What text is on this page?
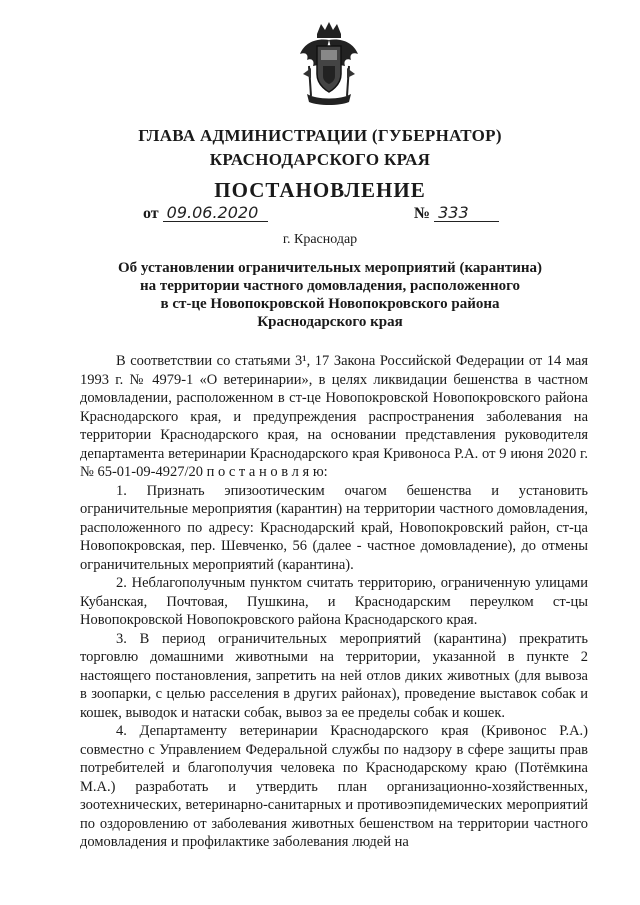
ГЛАВА АДМИНИСТРАЦИИ (ГУБЕРНАТОР)
КРАСНОДАРСКОГО КРАЯ
ПОСТАНОВЛЕНИЕ
от 09.06.2020	№ 333
г. Краснодар
Об установлении ограничительных мероприятий (карантина)
на территории частного домовладения, расположенного
в ст-це Новопокровской Новопокровского района
Краснодарского края

В соответствии со статьями 3¹, 17 Закона Российской Федерации от 14 мая 1993 г. № 4979-1 «О ветеринарии», в целях ликвидации бешенства в частном домовладении, расположенном в ст-це Новопокровской Новопокровского района Краснодарского края, и предупреждения распространения заболевания на территории Краснодарского края, на основании представления руководителя департамента ветеринарии Краснодарского края Кривоноса Р.А. от 9 июня 2020 г. № 65-01-09-4927/20 п о с т а н о в л я ю:

1. Признать эпизоотическим очагом бешенства и установить ограничительные мероприятия (карантин) на территории частного домовладения, расположенного по адресу: Краснодарский край, Новопокровский район, ст-ца Новопокровская, пер. Шевченко, 56 (далее - частное домовладение), до отмены ограничительных мероприятий (карантина).

2. Неблагополучным пунктом считать территорию, ограниченную улицами Кубанская, Почтовая, Пушкина, и Краснодарским переулком ст-цы Новопокровской Новопокровского района Краснодарского края.

3. В период ограничительных мероприятий (карантина) прекратить торговлю домашними животными на территории, указанной в пункте 2 настоящего постановления, запретить на ней отлов диких животных (для вывоза в зоопарки, с целью расселения в других районах), проведение выставок собак и кошек, выводок и натаски собак, вывоз за ее пределы собак и кошек.

4. Департаменту ветеринарии Краснодарского края (Кривонос Р.А.) совместно с Управлением Федеральной службы по надзору в сфере защиты прав потребителей и благополучия человека по Краснодарскому краю (Потёмкина М.А.) разработать и утвердить план организационно-хозяйственных, зоотехнических, ветеринарно-санитарных и противоэпидемических мероприятий по оздоровлению от заболевания животных бешенством на территории частного домовладения и профилактике заболевания людей на
